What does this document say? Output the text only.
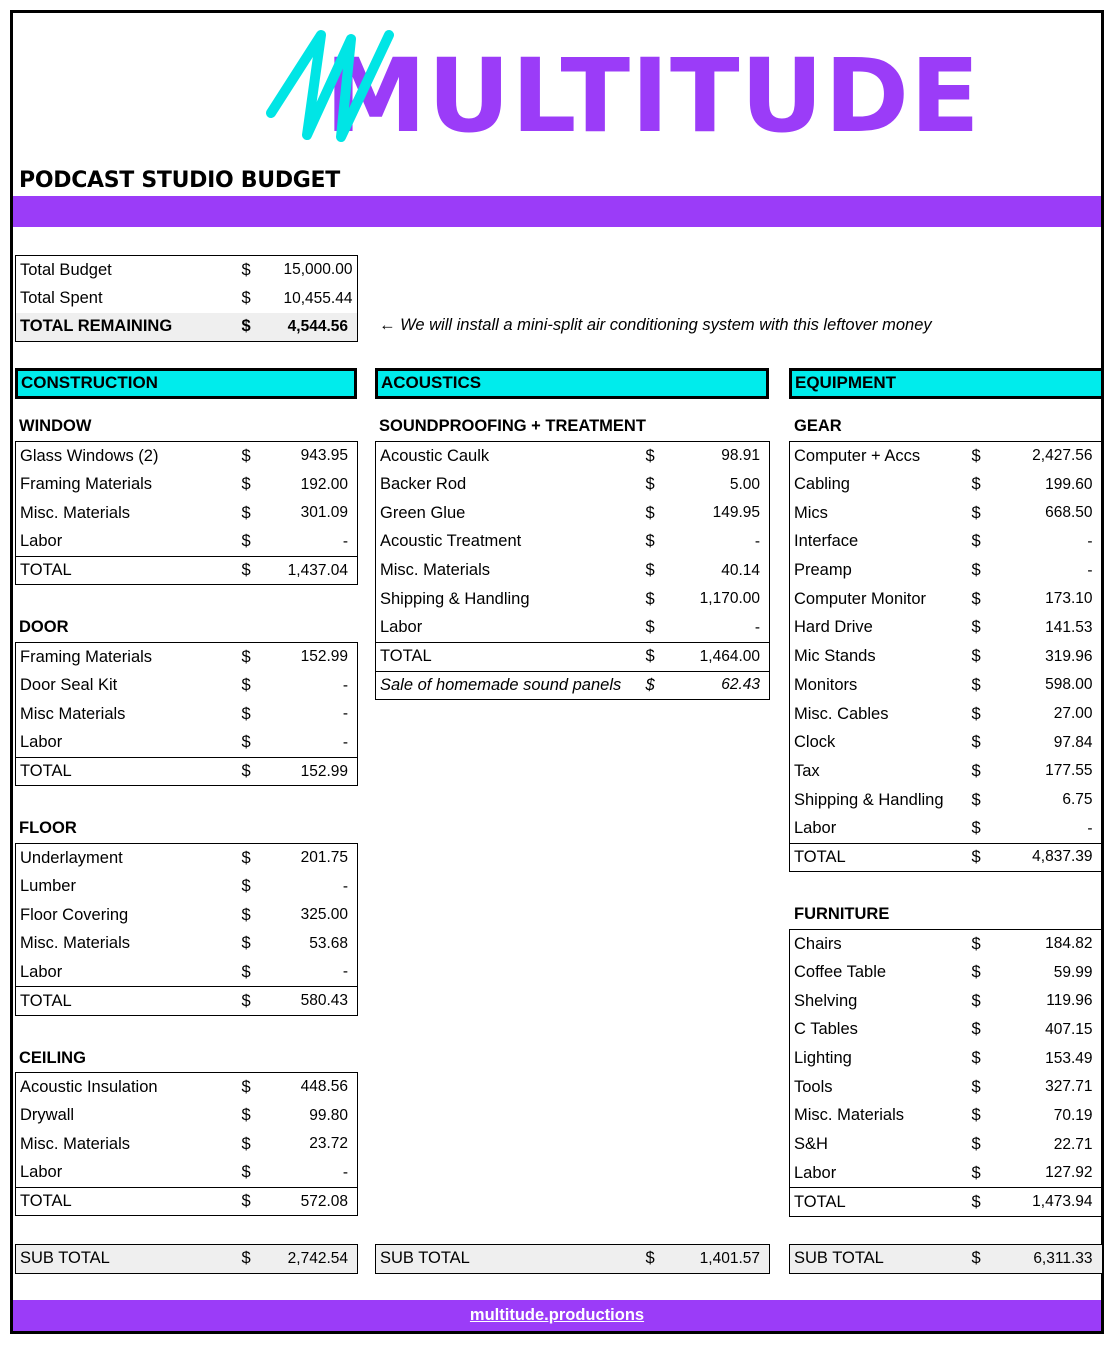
MULTITUDE
PODCAST STUDIO BUDGET
Total Budget	$	15,000.00
Total Spent	$	10,455.44
TOTAL REMAINING	$	4,544.56 ← We will install a mini-split air conditioning system with this leftover money
CONSTRUCTION	ACOUSTICS	EQUIPMENT
WINDOW
DOOR
FLOOR
CEILING
SOUNDPROOFING + TREATMENT	GEAR
FURNITURE
Glass Windows (2)	$	943.95
Framing Materials	$	192.00
Misc. Materials	$	301.09
Labor	$	-
TOTAL	$	1,437.04
Framing Materials	$	152.99
Door Seal Kit	$	-
Misc Materials	$	-
Labor	$	-
TOTAL	$	152.99
Underlayment	$	201.75
Lumber	$	-
Floor Covering	$	325.00
Misc. Materials	$	53.68
Labor	$	-
TOTAL	$	580.43
Acoustic Insulation	$	448.56
Drywall	$	99.80
Misc. Materials	$	23.72
Labor	$	-
TOTAL	$	572.08
Acoustic Caulk	$	98.91
Backer Rod	$	5.00
Green Glue	$	149.95
Acoustic Treatment	$	-
Misc. Materials	$	40.14
Shipping & Handling	$	1,170.00
Labor	$	-
TOTAL	$	1,464.00
Sale of homemade sound panels	$	62.43
Computer + Accs	$	2,427.56
Cabling	$	199.60
Mics	$	668.50
Interface	$	-
Preamp	$	-
Computer Monitor	$	173.10
Hard Drive	$	141.53
Mic Stands	$	319.96
Monitors	$	598.00
Misc. Cables	$	27.00
Clock	$	97.84
Tax	$	177.55
Shipping & Handling	$	6.75
Labor	$	-
TOTAL	$	4,837.39
Chairs	$	184.82
Coffee Table	$	59.99
Shelving	$	119.96
C Tables	$	407.15
Lighting	$	153.49
Tools	$	327.71
Misc. Materials	$	70.19
S&H	$	22.71
Labor	$	127.92
TOTAL	$	1,473.94
SUB TOTAL	$	2,742.54 SUB TOTAL	$	1,401.57 SUB TOTAL	$	6,311.33
multitude.productions
